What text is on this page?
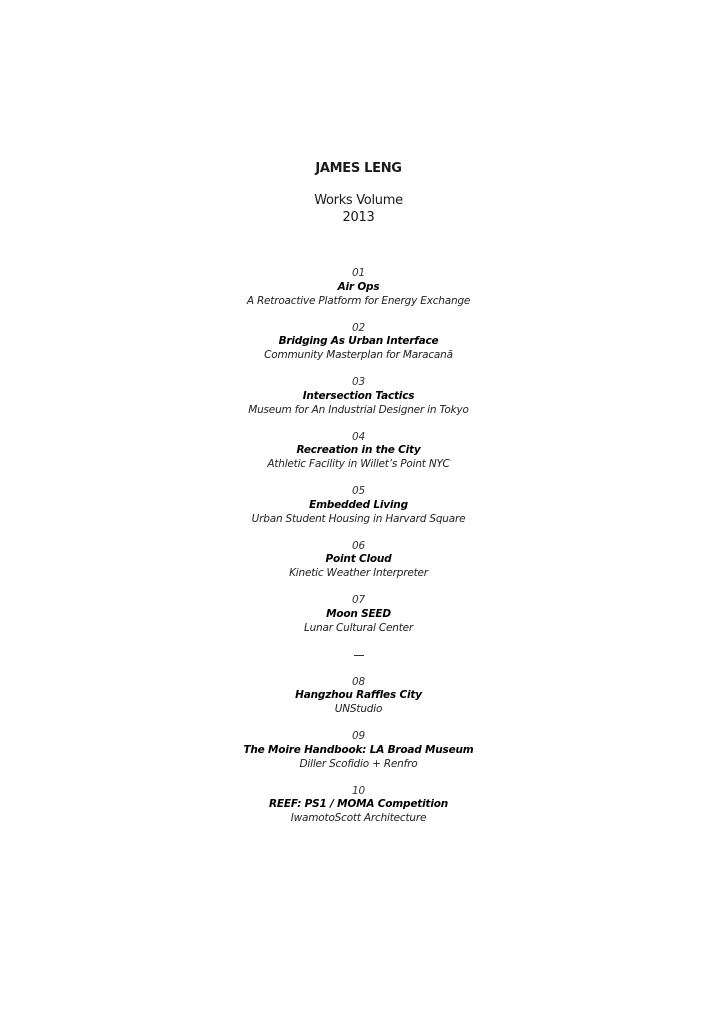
JAMES LENG
Works Volume
2013
01
Air Ops
A Retroactive Platform for Energy Exchange
02
Bridging As Urban Interface
Community Masterplan for Maracanã
03
Intersection Tactics
Museum for An Industrial Designer in Tokyo
04
Recreation in the City
Athletic Facility in Willet’s Point NYC
05
Embedded Living
Urban Student Housing in Harvard Square
06
Point Cloud
Kinetic Weather Interpreter
07
Moon SEED
Lunar Cultural Center
08
Hangzhou Raffles City
UNStudio
09
The Moire Handbook: LA Broad Museum
Diller Scofidio + Renfro
10
REEF: PS1 / MOMA Competition
IwamotoScott Architecture
